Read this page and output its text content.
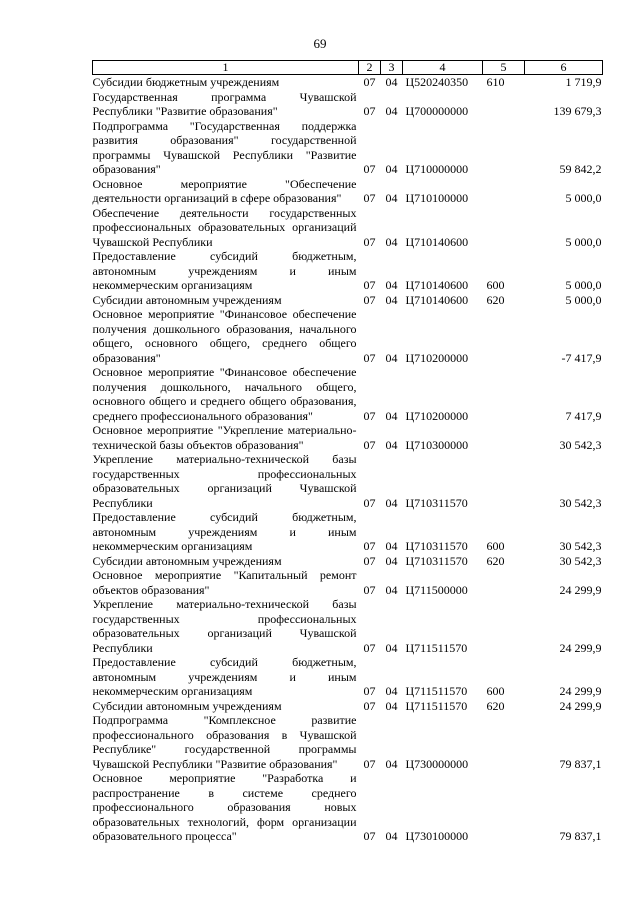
69
1	2	3	4	5	6
Субсидии бюджетным учреждениям	07	04	Ц520240350	610	1 719,9
Государственная программа Чувашской Республики "Развитие образования"	07	04	Ц700000000		139 679,3
Подпрограмма "Государственная поддержка развития образования" государственной программы Чувашской Республики "Развитие образования"	07	04	Ц710000000		59 842,2
Основное мероприятие "Обеспечение деятельности организаций в сфере образования"	07	04	Ц710100000		5 000,0
Обеспечение деятельности государственных профессиональных образовательных организаций Чувашской Республики	07	04	Ц710140600		5 000,0
Предоставление субсидий бюджетным, автономным учреждениям и иным некоммерческим организациям	07	04	Ц710140600	600	5 000,0
Субсидии автономным учреждениям	07	04	Ц710140600	620	5 000,0
Основное мероприятие "Финансовое обеспечение получения дошкольного образования, начального общего, основного общего, среднего общего образования"	07	04	Ц710200000		-7 417,9
Основное мероприятие "Финансовое обеспечение получения дошкольного, начального общего, основного общего и среднего общего образования, среднего профессионального образования"	07	04	Ц710200000		7 417,9
Основное мероприятие "Укрепление материально-технической базы объектов образования"	07	04	Ц710300000		30 542,3
Укрепление материально-технической базы государственных профессиональных образовательных организаций Чувашской Республики	07	04	Ц710311570		30 542,3
Предоставление субсидий бюджетным, автономным учреждениям и иным некоммерческим организациям	07	04	Ц710311570	600	30 542,3
Субсидии автономным учреждениям	07	04	Ц710311570	620	30 542,3
Основное мероприятие "Капитальный ремонт объектов образования"	07	04	Ц711500000		24 299,9
Укрепление материально-технической базы государственных профессиональных образовательных организаций Чувашской Республики	07	04	Ц711511570		24 299,9
Предоставление субсидий бюджетным, автономным учреждениям и иным некоммерческим организациям	07	04	Ц711511570	600	24 299,9
Субсидии автономным учреждениям	07	04	Ц711511570	620	24 299,9
Подпрограмма "Комплексное развитие профессионального образования в Чувашской Республике" государственной программы Чувашской Республики "Развитие образования"	07	04	Ц730000000		79 837,1
Основное мероприятие "Разработка и распространение в системе среднего профессионального образования новых образовательных технологий, форм организации образовательного процесса"	07	04	Ц730100000		79 837,1
